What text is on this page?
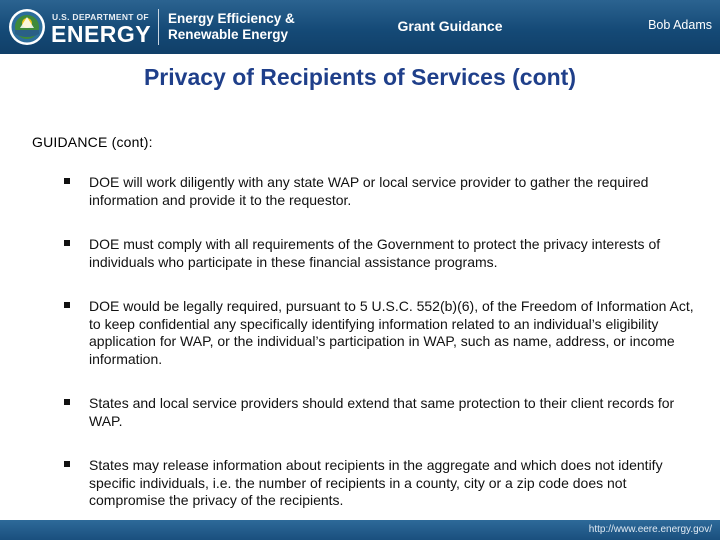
U.S. DEPARTMENT OF
ENERGY
Energy Efficiency &
Renewable Energy
Grant Guidance	Bob Adams
Privacy of Recipients of Services (cont)
GUIDANCE (cont):
DOE will work diligently with any state WAP or local service provider to gather the required information and provide it to the requestor.
DOE must comply with all requirements of the Government to protect the privacy interests of individuals who participate in these financial assistance programs.
DOE would be legally required, pursuant to 5 U.S.C. 552(b)(6), of the Freedom of Information Act, to keep confidential any specifically identifying information related to an individual’s eligibility application for WAP, or the individual’s participation in WAP, such as name, address, or income information.
States and local service providers should extend that same protection to their client records for WAP.
States may release information about recipients in the aggregate and which does not identify specific individuals, i.e. the number of recipients in a county, city or a zip code does not compromise the privacy of the recipients.
http://www.eere.energy.gov/
